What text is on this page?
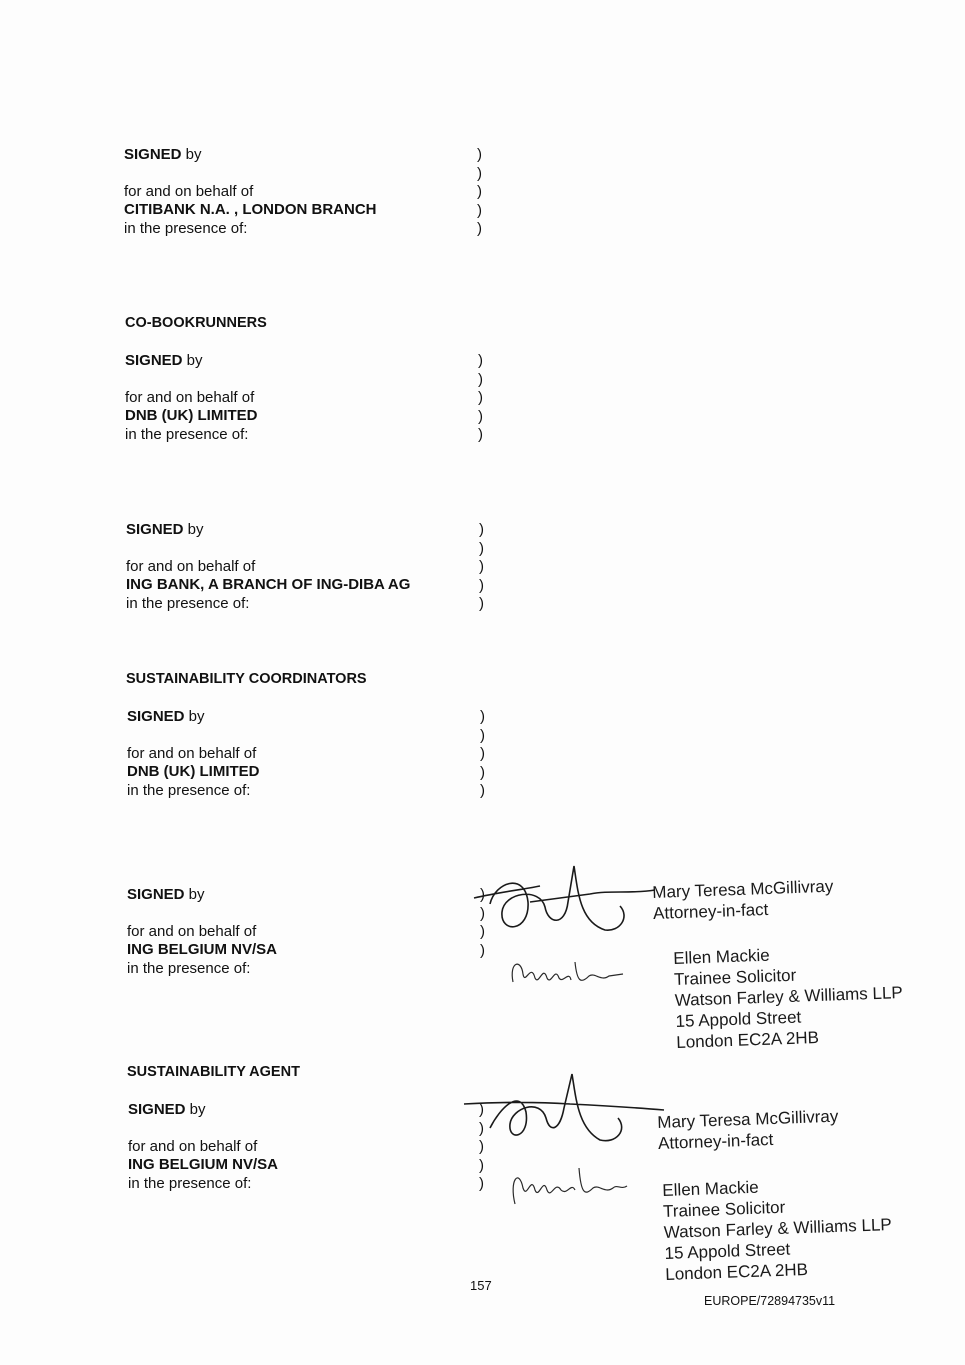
SIGNED by
for and on behalf of
CITIBANK N.A. , LONDON BRANCH
in the presence of:
)
)
)
)
)
CO-BOOKRUNNERS
SIGNED by
for and on behalf of
DNB (UK) LIMITED
in the presence of:
)
)
)
)
)
SIGNED by
for and on behalf of
ING BANK, A BRANCH OF ING-DIBA AG
in the presence of:
)
)
)
)
)
SUSTAINABILITY COORDINATORS
SIGNED by
for and on behalf of
DNB (UK) LIMITED
in the presence of:
)
)
)
)
)
SIGNED by
for and on behalf of
ING BELGIUM NV/SA
in the presence of:
)
)
)
)
Mary Teresa McGillivray
Attorney-in-fact
Ellen Mackie
Trainee Solicitor
Watson Farley & Williams LLP
15 Appold Street
London EC2A 2HB
SUSTAINABILITY AGENT
SIGNED by
for and on behalf of
ING BELGIUM NV/SA
in the presence of:
)
)
)
)
)
Mary Teresa McGillivray
Attorney-in-fact
Ellen Mackie
Trainee Solicitor
Watson Farley & Williams LLP
15 Appold Street
London EC2A 2HB
157
EUROPE/72894735v11
